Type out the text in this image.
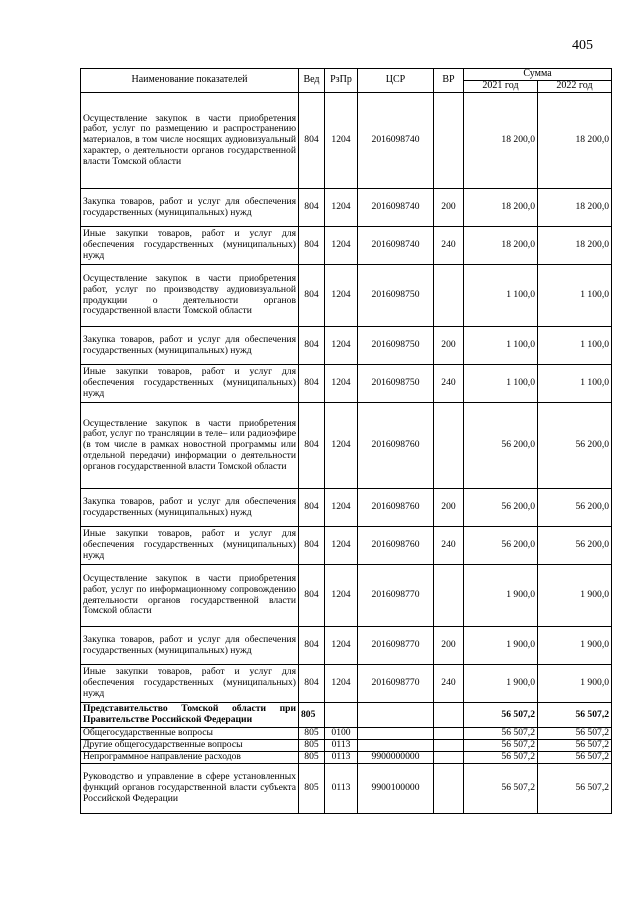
405
Наименование показателей	Вед	РзПр	ЦСР	ВР	Сумма	
					2021 год	2022 год
Осуществление закупок в части приобретения работ, услуг по размещению и распространению материалов, в том числе носящих аудиовизуальный характер, о деятельности органов государственной власти Томской области	804	1204	2016098740		18 200,0	18 200,0
Закупка товаров, работ и услуг для обеспечения государственных (муниципальных) нужд	804	1204	2016098740	200	18 200,0	18 200,0
Иные закупки товаров, работ и услуг для обеспечения государственных (муниципальных) нужд	804	1204	2016098740	240	18 200,0	18 200,0
Осуществление закупок в части приобретения работ, услуг по производству аудиовизуальной продукции о деятельности органов государственной власти Томской области	804	1204	2016098750		1 100,0	1 100,0
Закупка товаров, работ и услуг для обеспечения государственных (муниципальных) нужд	804	1204	2016098750	200	1 100,0	1 100,0
Иные закупки товаров, работ и услуг для обеспечения государственных (муниципальных) нужд	804	1204	2016098750	240	1 100,0	1 100,0
Осуществление закупок в части приобретения работ, услуг по трансляции в теле– или радиоэфире (в том числе в рамках новостной программы или отдельной передачи) информации о деятельности органов государственной власти Томской области	804	1204	2016098760		56 200,0	56 200,0
Закупка товаров, работ и услуг для обеспечения государственных (муниципальных) нужд	804	1204	2016098760	200	56 200,0	56 200,0
Иные закупки товаров, работ и услуг для обеспечения государственных (муниципальных) нужд	804	1204	2016098760	240	56 200,0	56 200,0
Осуществление закупок в части приобретения работ, услуг по информационному сопровождению деятельности органов государственной власти Томской области	804	1204	2016098770		1 900,0	1 900,0
Закупка товаров, работ и услуг для обеспечения государственных (муниципальных) нужд	804	1204	2016098770	200	1 900,0	1 900,0
Иные закупки товаров, работ и услуг для обеспечения государственных (муниципальных) нужд	804	1204	2016098770	240	1 900,0	1 900,0
Представительство Томской области при Правительстве Российской Федерации	805				56 507,2	56 507,2
Общегосударственные вопросы	805	0100			56 507,2	56 507,2
Другие общегосударственные вопросы	805	0113			56 507,2	56 507,2
Непрограммное направление расходов	805	0113	9900000000		56 507,2	56 507,2
Руководство и управление в сфере установленных функций органов государственной власти субъекта Российской Федерации	805	0113	9900100000		56 507,2	56 507,2
